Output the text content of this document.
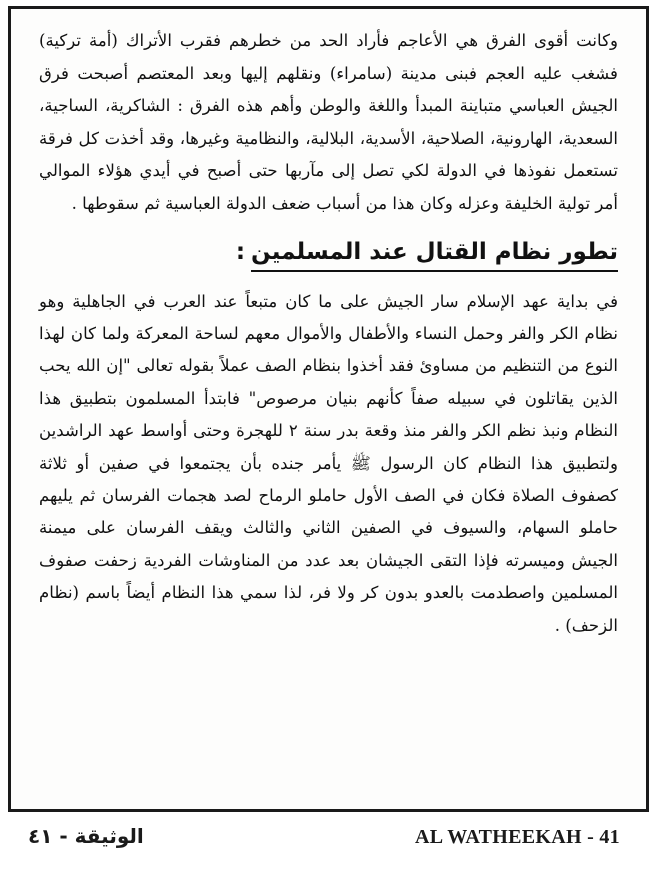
وكانت أقوى الفرق هي الأعاجم فأراد الحد من خطرهم فقرب الأتراك (أمة تركية) فشغب عليه العجم فبنى مدينة (سامراء) ونقلهم إليها وبعد المعتصم أصبحت فرق الجيش العباسي متباينة المبدأ واللغة والوطن وأهم هذه الفرق : الشاكرية، الساجية، السعدية، الهارونية، الصلاحية، الأسدية، البلالية، والنظامية وغيرها، وقد أخذت كل فرقة تستعمل نفوذها في الدولة لكي تصل إلى مآربها حتى أصبح في أيدي هؤلاء الموالي أمر تولية الخليفة وعزله وكان هذا من أسباب ضعف الدولة العباسية ثم سقوطها .

تطور نظام القتال عند المسلمين:

في بداية عهد الإسلام سار الجيش على ما كان متبعاً عند العرب في الجاهلية وهو نظام الكر والفر وحمل النساء والأطفال والأموال معهم لساحة المعركة ولما كان لهذا النوع من التنظيم من مساوئ فقد أخذوا بنظام الصف عملاً بقوله تعالى "إن الله يحب الذين يقاتلون في سبيله صفاً كأنهم بنيان مرصوص" فابتدأ المسلمون بتطبيق هذا النظام ونبذ نظم الكر والفر منذ وقعة بدر سنة ٢ للهجرة وحتى أواسط عهد الراشدين ولتطبيق هذا النظام كان الرسول ﷺ يأمر جنده بأن يجتمعوا في صفين أو ثلاثة كصفوف الصلاة فكان في الصف الأول حاملو الرماح لصد هجمات الفرسان ثم يليهم حاملو السهام، والسيوف في الصفين الثاني والثالث ويقف الفرسان على ميمنة الجيش وميسرته فإذا التقى الجيشان بعد عدد من المناوشات الفردية زحفت صفوف المسلمين واصطدمت بالعدو بدون كر ولا فر، لذا سمي هذا النظام أيضاً باسم (نظام الزحف) .

الوثيقة - ٤١	AL WATHEEKAH - 41
